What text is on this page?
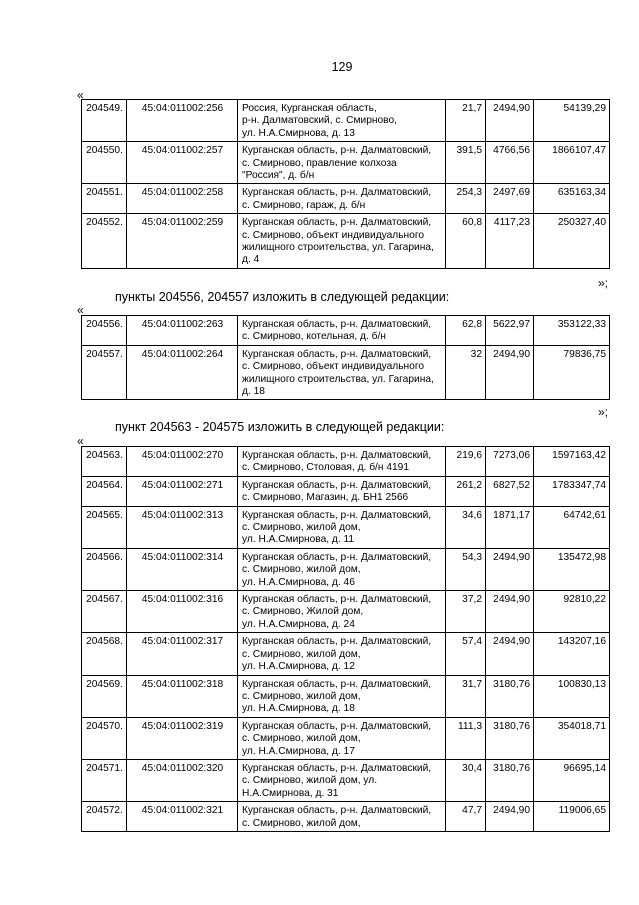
129
«
204549.	45:04:011002:256	Россия, Курганская область,
р-н. Далматовский, с. Смирново,
ул. Н.А.Смирнова, д. 13	21,7	2494,90	54139,29
204550.	45:04:011002:257	Курганская область, р-н. Далматовский,
с. Смирново, правление колхоза
"Россия", д. б/н	391,5	4766,56	1866107,47
204551.	45:04:011002:258	Курганская область, р-н. Далматовский,
с. Смирново, гараж, д. б/н	254,3	2497,69	635163,34
204552.	45:04:011002:259	Курганская область, р-н. Далматовский,
с. Смирново, объект индивидуального
жилищного строительства, ул. Гагарина,
д. 4	60,8	4117,23	250327,40
»;
пункты 204556, 204557 изложить в следующей редакции:
«
204556.	45:04:011002:263	Курганская область, р-н. Далматовский,
с. Смирново, котельная, д. б/н	62,8	5622,97	353122,33
204557.	45:04:011002:264	Курганская область, р-н. Далматовский,
с. Смирново, объект индивидуального
жилищного строительства, ул. Гагарина,
д. 18	32	2494,90	79836,75
»;
пункт 204563 - 204575 изложить в следующей редакции:
«
204563.	45:04:011002:270	Курганская область, р-н. Далматовский,
с. Смирново, Столовая, д. б/н 4191	219,6	7273,06	1597163,42
204564.	45:04:011002:271	Курганская область, р-н. Далматовский,
с. Смирново, Магазин, д. БН1 2566	261,2	6827,52	1783347,74
204565.	45:04:011002:313	Курганская область, р-н. Далматовский,
с. Смирново, жилой дом,
ул. Н.А.Смирнова, д. 11	34,6	1871,17	64742,61
204566.	45:04:011002:314	Курганская область, р-н. Далматовский,
с. Смирново, жилой дом,
ул. Н.А.Смирнова, д. 46	54,3	2494,90	135472,98
204567.	45:04:011002:316	Курганская область, р-н. Далматовский,
с. Смирново, Жилой дом,
ул. Н.А.Смирнова, д. 24	37,2	2494,90	92810,22
204568.	45:04:011002:317	Курганская область, р-н. Далматовский,
с. Смирново, жилой дом,
ул. Н.А.Смирнова, д. 12	57,4	2494,90	143207,16
204569.	45:04:011002:318	Курганская область, р-н. Далматовский,
с. Смирново, жилой дом,
ул. Н.А.Смирнова, д. 18	31,7	3180,76	100830,13
204570.	45:04:011002:319	Курганская область, р-н. Далматовский,
с. Смирново, жилой дом,
ул. Н.А.Смирнова, д. 17	111,3	3180,76	354018,71
204571.	45:04:011002:320	Курганская область, р-н. Далматовский,
с. Смирново, жилой дом, ул.
Н.А.Смирнова, д. 31	30,4	3180,76	96695,14
204572.	45:04:011002:321	Курганская область, р-н. Далматовский,
с. Смирново, жилой дом,	47,7	2494,90	119006,65
